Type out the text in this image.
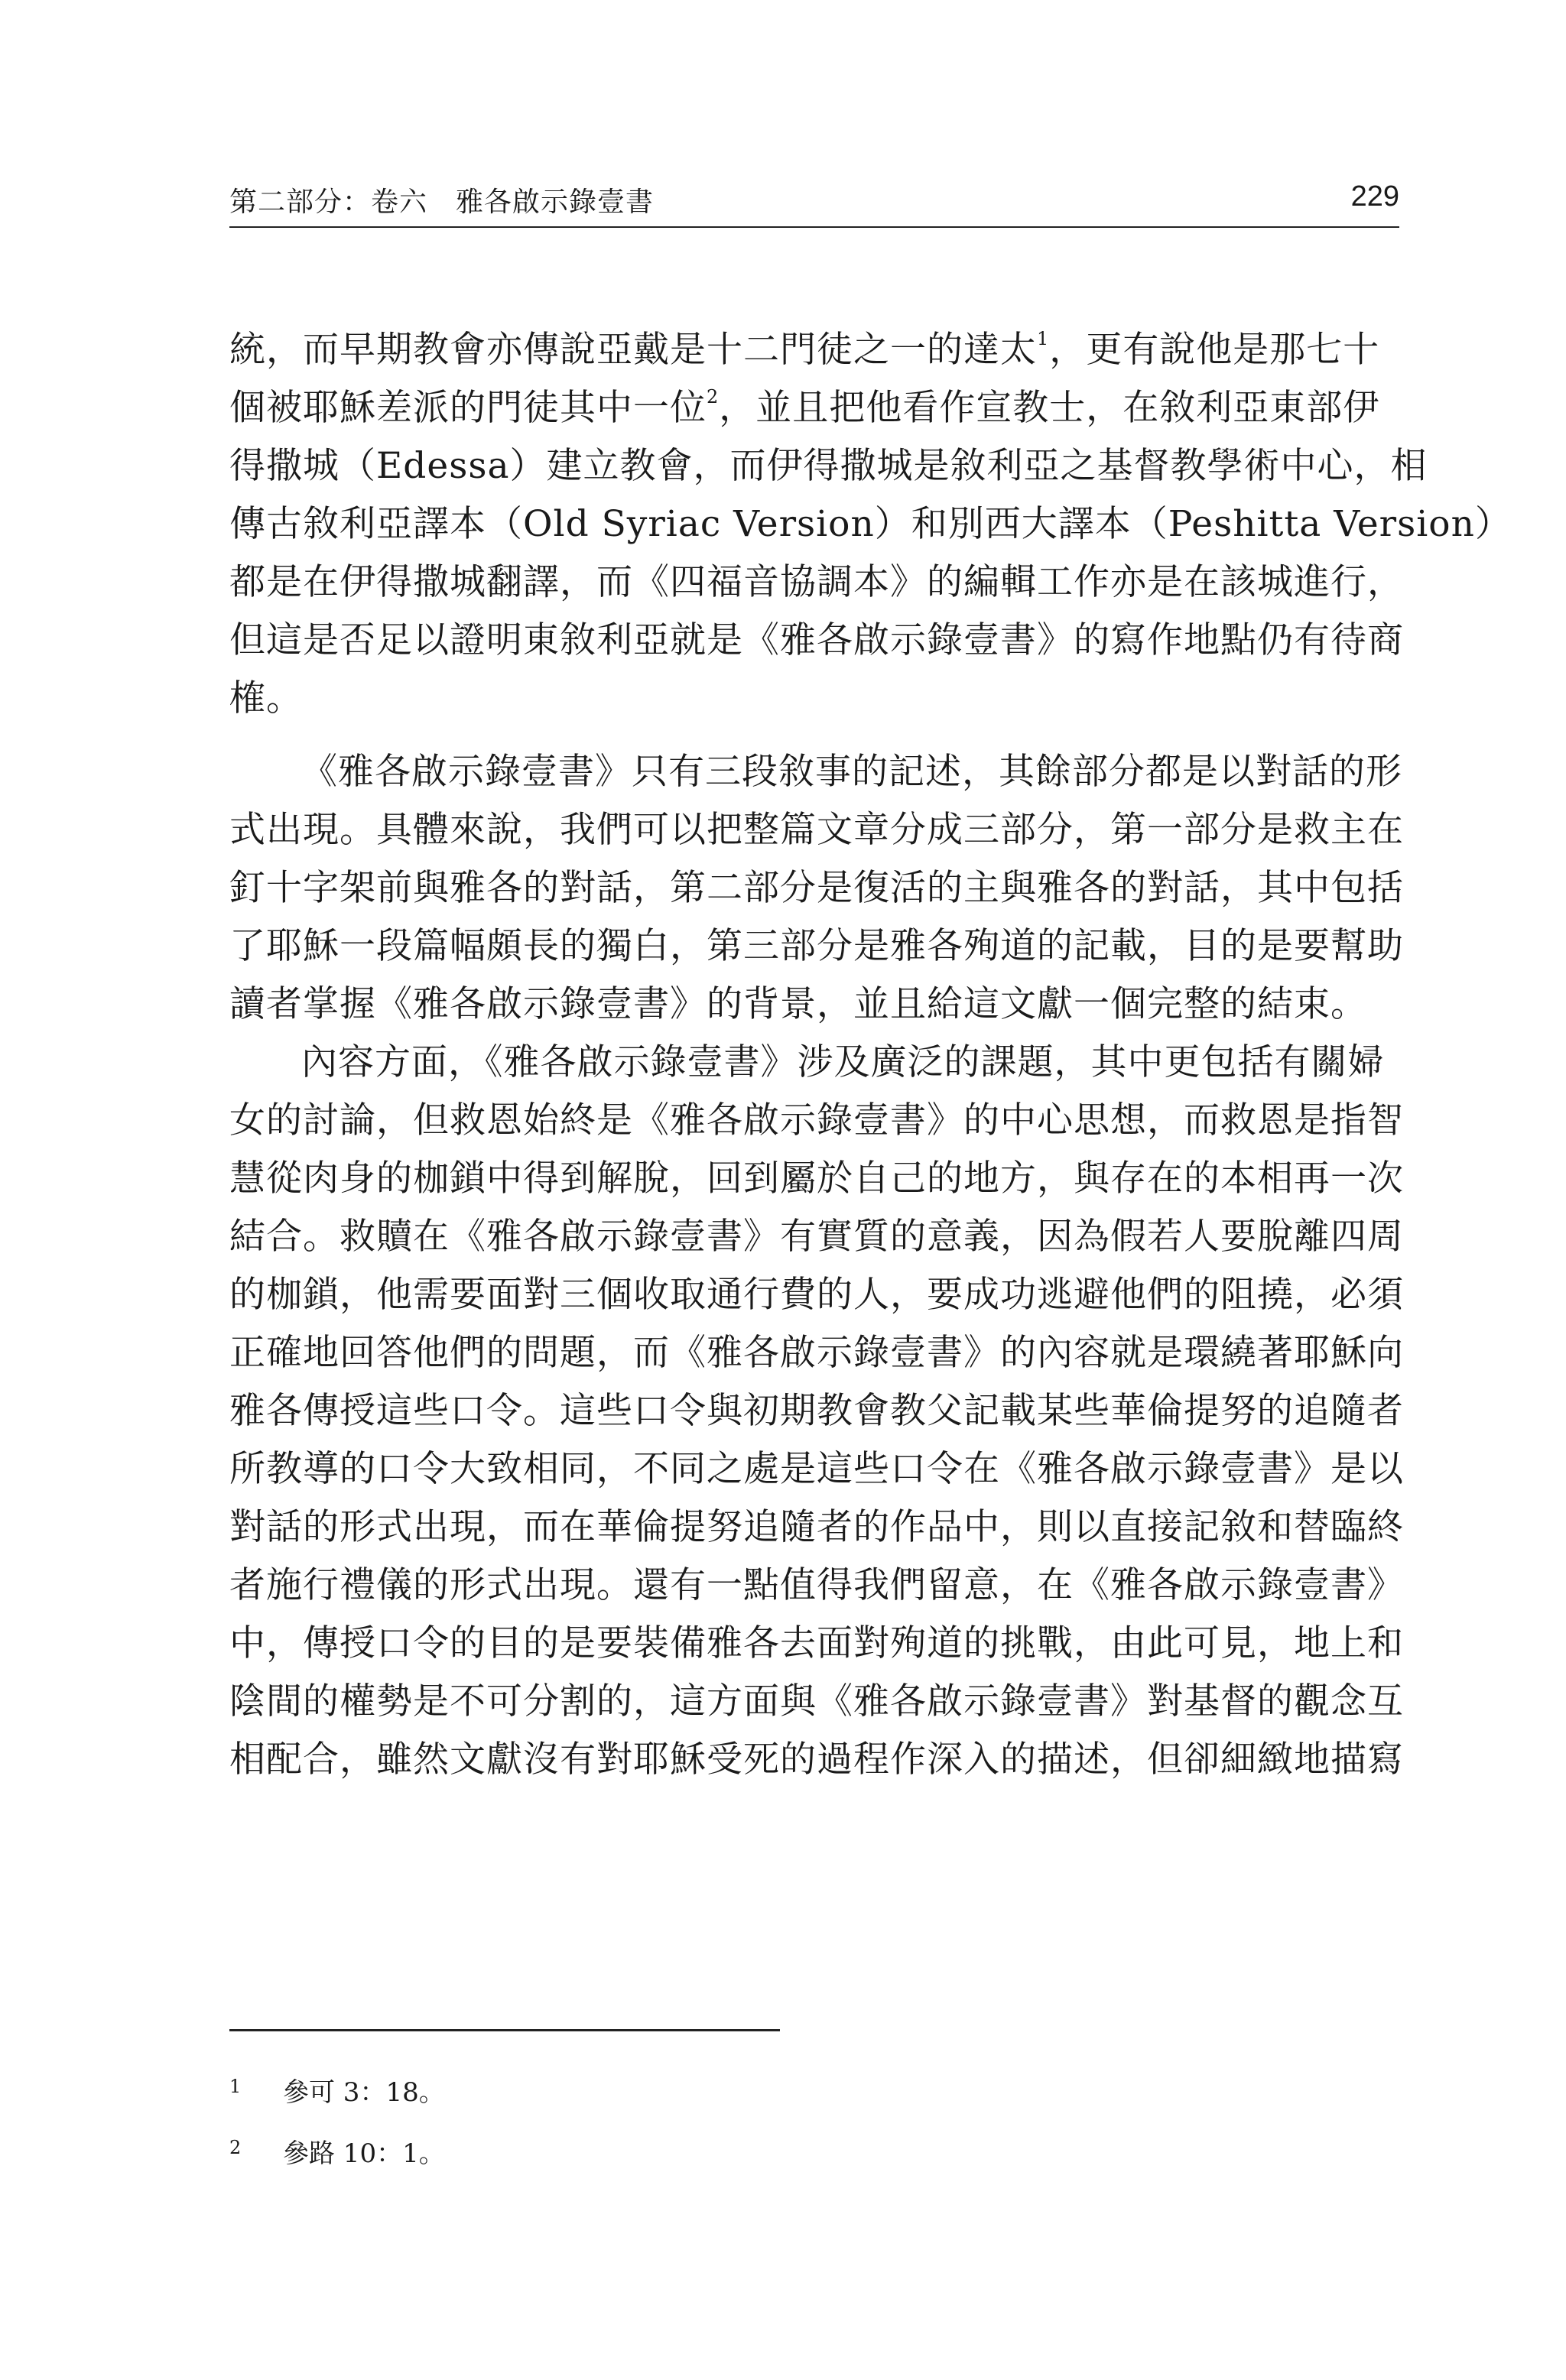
第二部分：卷六　雅各啟示錄壹書	229
統，而早期教會亦傳說亞戴是十二門徒之一的達太$^1$，更有說他是那七十
個被耶穌差派的門徒其中一位$^2$，並且把他看作宣教士，在敘利亞東部伊
得撒城（Edessa）建立教會，而伊得撒城是敘利亞之基督教學術中心，相
傳古敘利亞譯本（Old Syriac Version）和別西大譯本（Peshitta Version）
都是在伊得撒城翻譯，而《四福音協調本》的編輯工作亦是在該城進行，
但這是否足以證明東敘利亞就是《雅各啟示錄壹書》的寫作地點仍有待商
榷。
《雅各啟示錄壹書》只有三段敘事的記述，其餘部分都是以對話的形
式出現。具體來說，我們可以把整篇文章分成三部分，第一部分是救主在
釘十字架前與雅各的對話，第二部分是復活的主與雅各的對話，其中包括
了耶穌一段篇幅頗長的獨白，第三部分是雅各殉道的記載，目的是要幫助
讀者掌握《雅各啟示錄壹書》的背景，並且給這文獻一個完整的結束。
內容方面，《雅各啟示錄壹書》涉及廣泛的課題，其中更包括有關婦
女的討論，但救恩始終是《雅各啟示錄壹書》的中心思想，而救恩是指智
慧從肉身的枷鎖中得到解脫，回到屬於自己的地方，與存在的本相再一次
結合。救贖在《雅各啟示錄壹書》有實質的意義，因為假若人要脫離四周
的枷鎖，他需要面對三個收取通行費的人，要成功逃避他們的阻撓，必須
正確地回答他們的問題，而《雅各啟示錄壹書》的內容就是環繞著耶穌向
雅各傳授這些口令。這些口令與初期教會教父記載某些華倫提努的追隨者
所教導的口令大致相同，不同之處是這些口令在《雅各啟示錄壹書》是以
對話的形式出現，而在華倫提努追隨者的作品中，則以直接記敘和替臨終
者施行禮儀的形式出現。還有一點值得我們留意，在《雅各啟示錄壹書》
中，傳授口令的目的是要裝備雅各去面對殉道的挑戰，由此可見，地上和
陰間的權勢是不可分割的，這方面與《雅各啟示錄壹書》對基督的觀念互
相配合，雖然文獻沒有對耶穌受死的過程作深入的描述，但卻細緻地描寫
1 參可 3：18。
2 參路 10：1。
